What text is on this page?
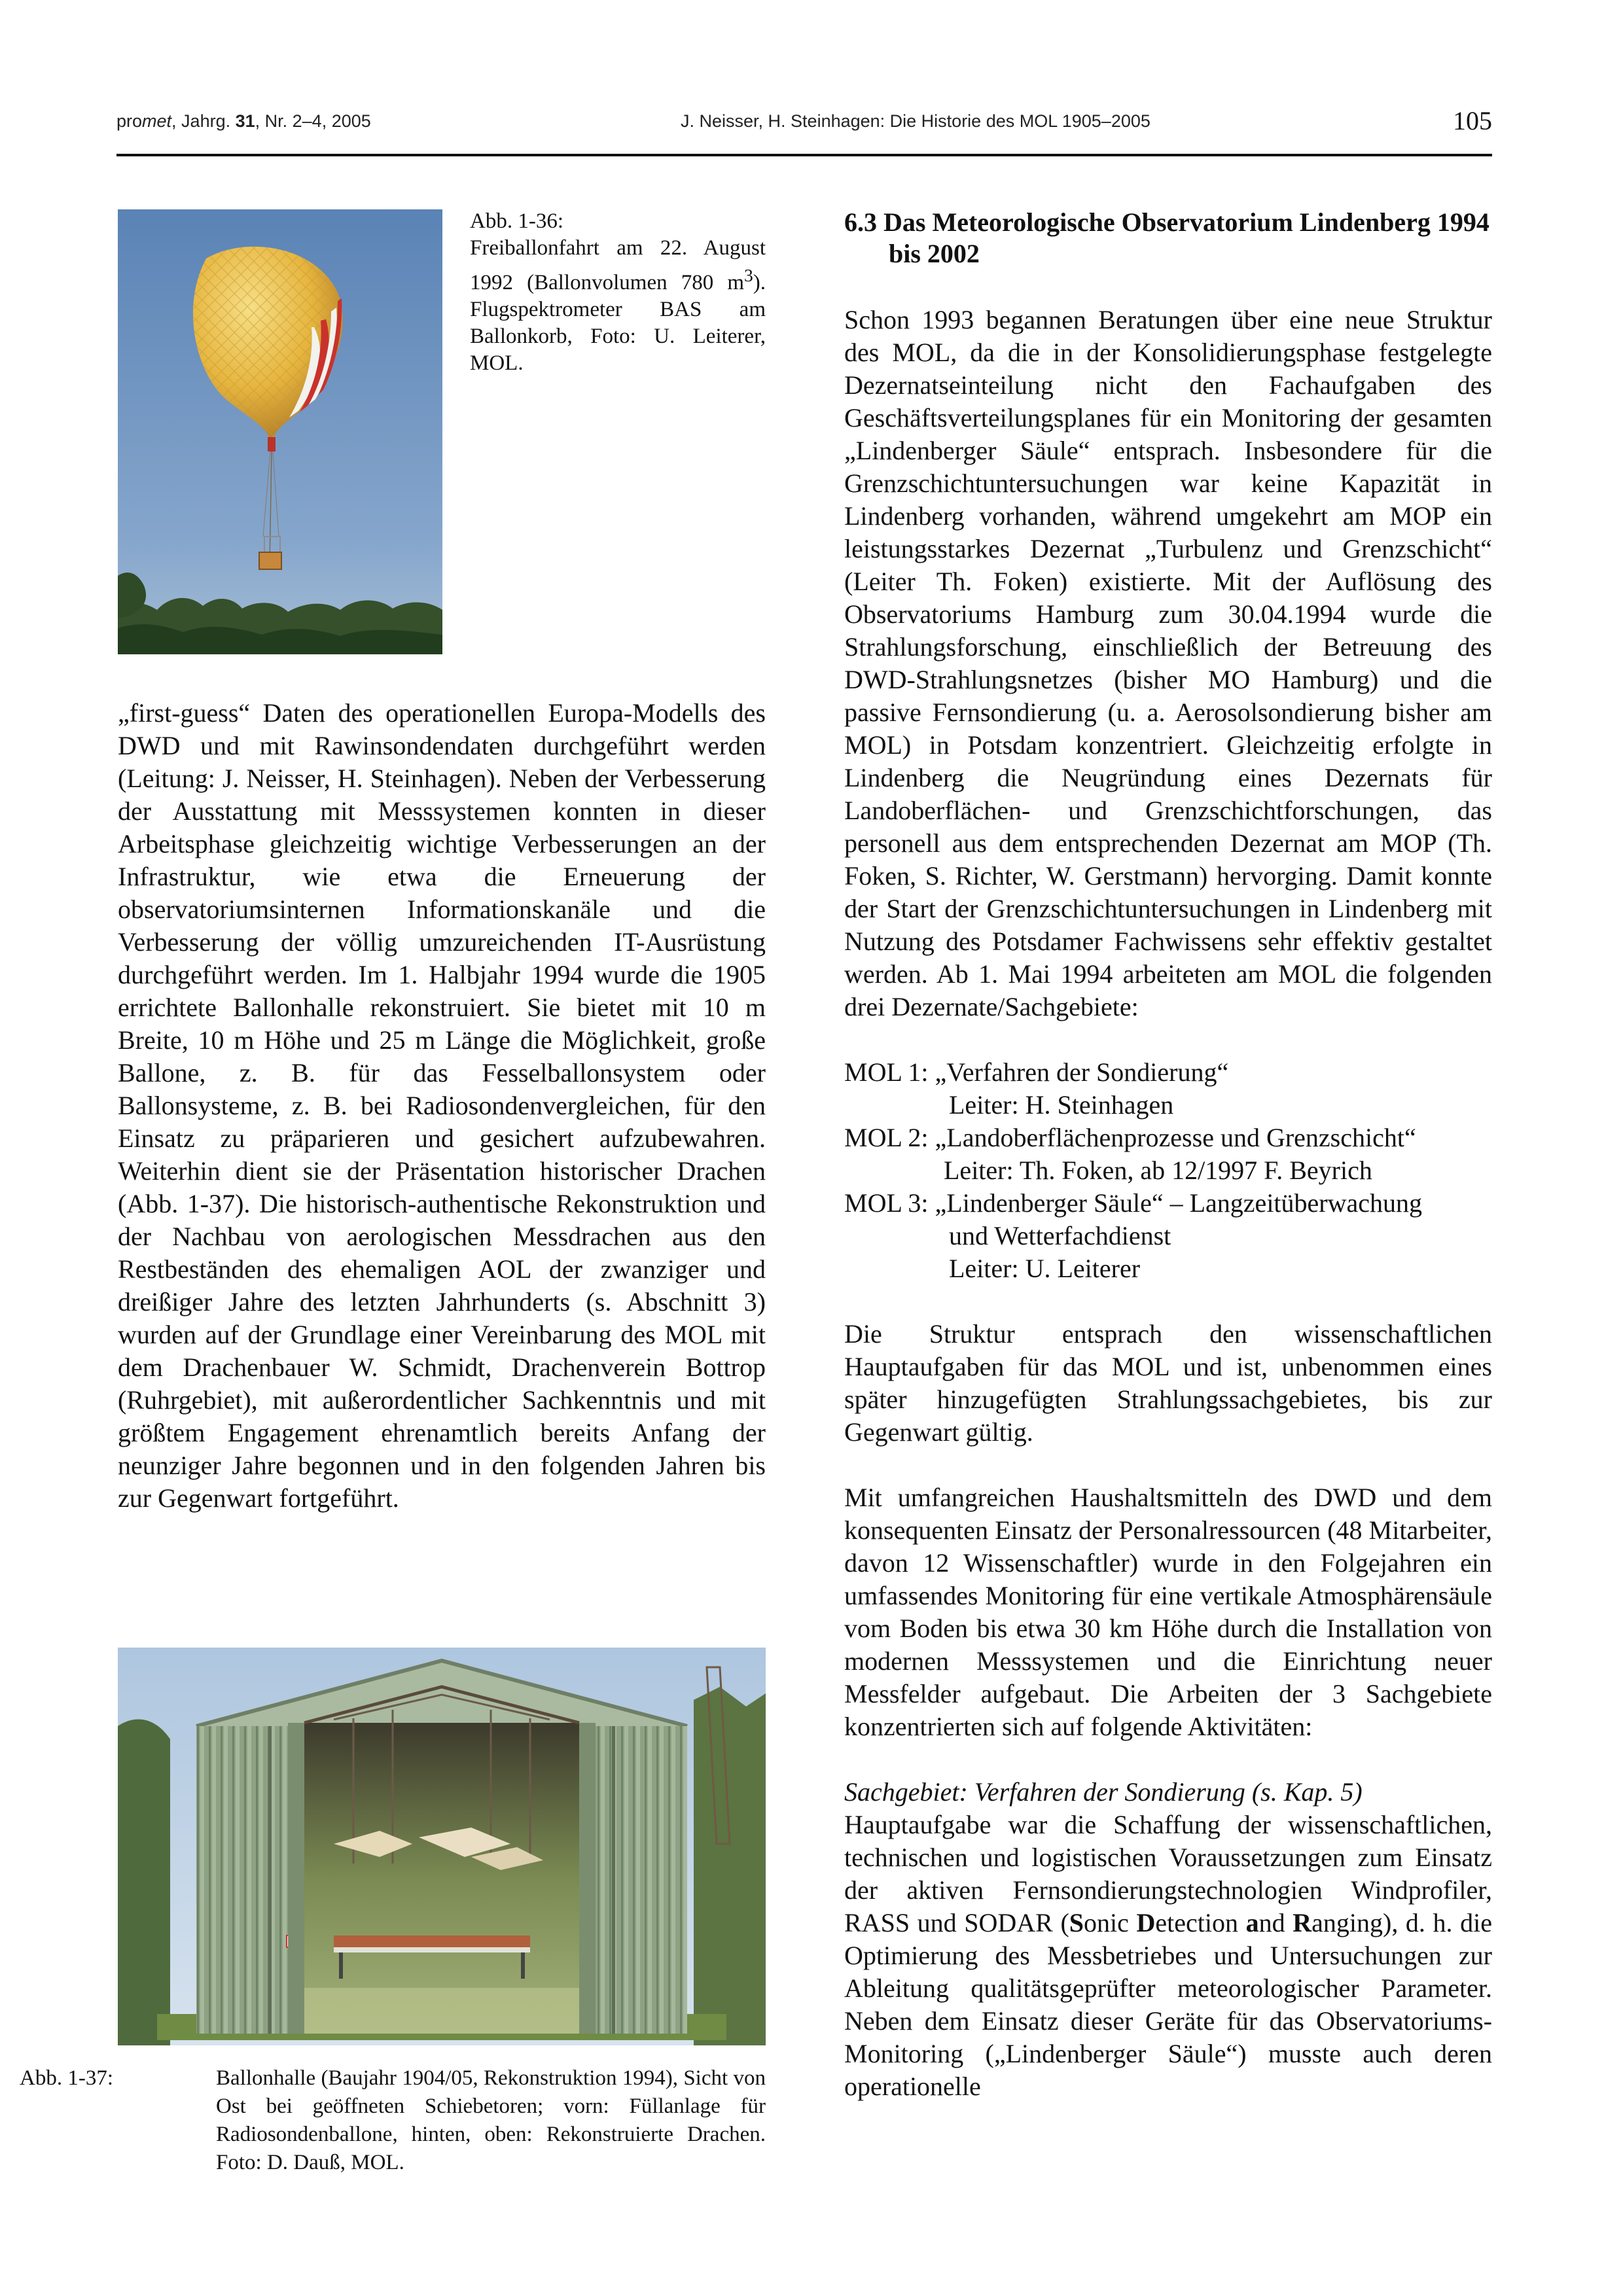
promet, Jahrg. 31, Nr. 2–4, 2005	J. Neisser, H. Steinhagen: Die Historie des MOL 1905–2005	105
Abb. 1-36:
Freiballonfahrt am 22. August 1992 (Ballonvolumen 780 $m^3$). Flugspektrometer BAS am Ballonkorb, Foto: U. Leiterer, MOL.

„first-guess“ Daten des operationellen Europa-Modells des DWD und mit Rawinsondendaten durchgeführt werden (Leitung: J. Neisser, H. Steinhagen). Neben der Verbesserung der Ausstattung mit Messsystemen konnten in dieser Arbeitsphase gleichzeitig wichtige Verbesserungen an der Infrastruktur, wie etwa die Erneuerung der observatoriumsinternen Informationskanäle und die Verbesserung der völlig umzureichenden IT-Ausrüstung durchgeführt werden. Im 1. Halbjahr 1994 wurde die 1905 errichtete Ballonhalle rekonstruiert. Sie bietet mit 10 m Breite, 10 m Höhe und 25 m Länge die Möglichkeit, große Ballone, z. B. für das Fesselballonsystem oder Ballonsysteme, z. B. bei Radiosondenvergleichen, für den Einsatz zu präparieren und gesichert aufzubewahren. Weiterhin dient sie der Präsentation historischer Drachen (Abb. 1-37). Die historisch-authentische Rekonstruktion und der Nachbau von aerologischen Messdrachen aus den Restbeständen des ehemaligen AOL der zwanziger und dreißiger Jahre des letzten Jahrhunderts (s. Abschnitt 3) wurden auf der Grundlage einer Vereinbarung des MOL mit dem Drachenbauer W. Schmidt, Drachenverein Bottrop (Ruhrgebiet), mit außerordentlicher Sachkenntnis und mit größtem Engagement ehrenamtlich bereits Anfang der neunziger Jahre begonnen und in den folgenden Jahren bis zur Gegenwart fortgeführt.

Abb. 1-37:	Ballonhalle (Baujahr 1904/05, Rekonstruktion 1994), Sicht von Ost bei geöffneten Schiebetoren; vorn: Füllanlage für Radiosondenballone, hinten, oben: Rekonstruierte Drachen. Foto: D. Dauß, MOL.
6.3 Das Meteorologische Observatorium Lindenberg 1994 bis 2002

Schon 1993 begannen Beratungen über eine neue Struktur des MOL, da die in der Konsolidierungsphase festgelegte Dezernatseinteilung nicht den Fachaufgaben des Geschäftsverteilungsplanes für ein Monitoring der gesamten „Lindenberger Säule“ entsprach. Insbesondere für die Grenzschichtuntersuchungen war keine Kapazität in Lindenberg vorhanden, während umgekehrt am MOP ein leistungsstarkes Dezernat „Turbulenz und Grenzschicht“ (Leiter Th. Foken) existierte. Mit der Auflösung des Observatoriums Hamburg zum 30.04.1994 wurde die Strahlungsforschung, einschließlich der Betreuung des DWD-Strahlungsnetzes (bisher MO Hamburg) und die passive Fernsondierung (u. a. Aerosolsondierung bisher am MOL) in Potsdam konzentriert. Gleichzeitig erfolgte in Lindenberg die Neugründung eines Dezernats für Landoberflächen- und Grenzschichtforschungen, das personell aus dem entsprechenden Dezernat am MOP (Th. Foken, S. Richter, W. Gerstmann) hervorging. Damit konnte der Start der Grenzschichtuntersuchungen in Lindenberg mit Nutzung des Potsdamer Fachwissens sehr effektiv gestaltet werden. Ab 1. Mai 1994 arbeiteten am MOL die folgenden drei Dezernate/Sachgebiete:

MOL 1: „Verfahren der Sondierung“

Leiter: H. Steinhagen

MOL 2: „Landoberflächenprozesse und Grenzschicht“

Leiter: Th. Foken, ab 12/1997 F. Beyrich

MOL 3: „Lindenberger Säule“ – Langzeitüberwachung

und Wetterfachdienst

Leiter: U. Leiterer

Die Struktur entsprach den wissenschaftlichen Hauptaufgaben für das MOL und ist, unbenommen eines später hinzugefügten Strahlungssachgebietes, bis zur Gegenwart gültig.

Mit umfangreichen Haushaltsmitteln des DWD und dem konsequenten Einsatz der Personalressourcen (48 Mitarbeiter, davon 12 Wissenschaftler) wurde in den Folgejahren ein umfassendes Monitoring für eine vertikale Atmosphärensäule vom Boden bis etwa 30 km Höhe durch die Installation von modernen Messsystemen und die Einrichtung neuer Messfelder aufgebaut. Die Arbeiten der 3 Sachgebiete konzentrierten sich auf folgende Aktivitäten:

Sachgebiet: Verfahren der Sondierung (s. Kap. 5)

Hauptaufgabe war die Schaffung der wissenschaftlichen, technischen und logistischen Voraussetzungen zum Einsatz der aktiven Fernsondierungstechnologien Windprofiler, RASS und SODAR (Sonic Detection and Ranging), d. h. die Optimierung des Messbetriebes und Untersuchungen zur Ableitung qualitätsgeprüfter meteorologischer Parameter. Neben dem Einsatz dieser Geräte für das Observatoriums-Monitoring („Lindenberger Säule“) musste auch deren operationelle
